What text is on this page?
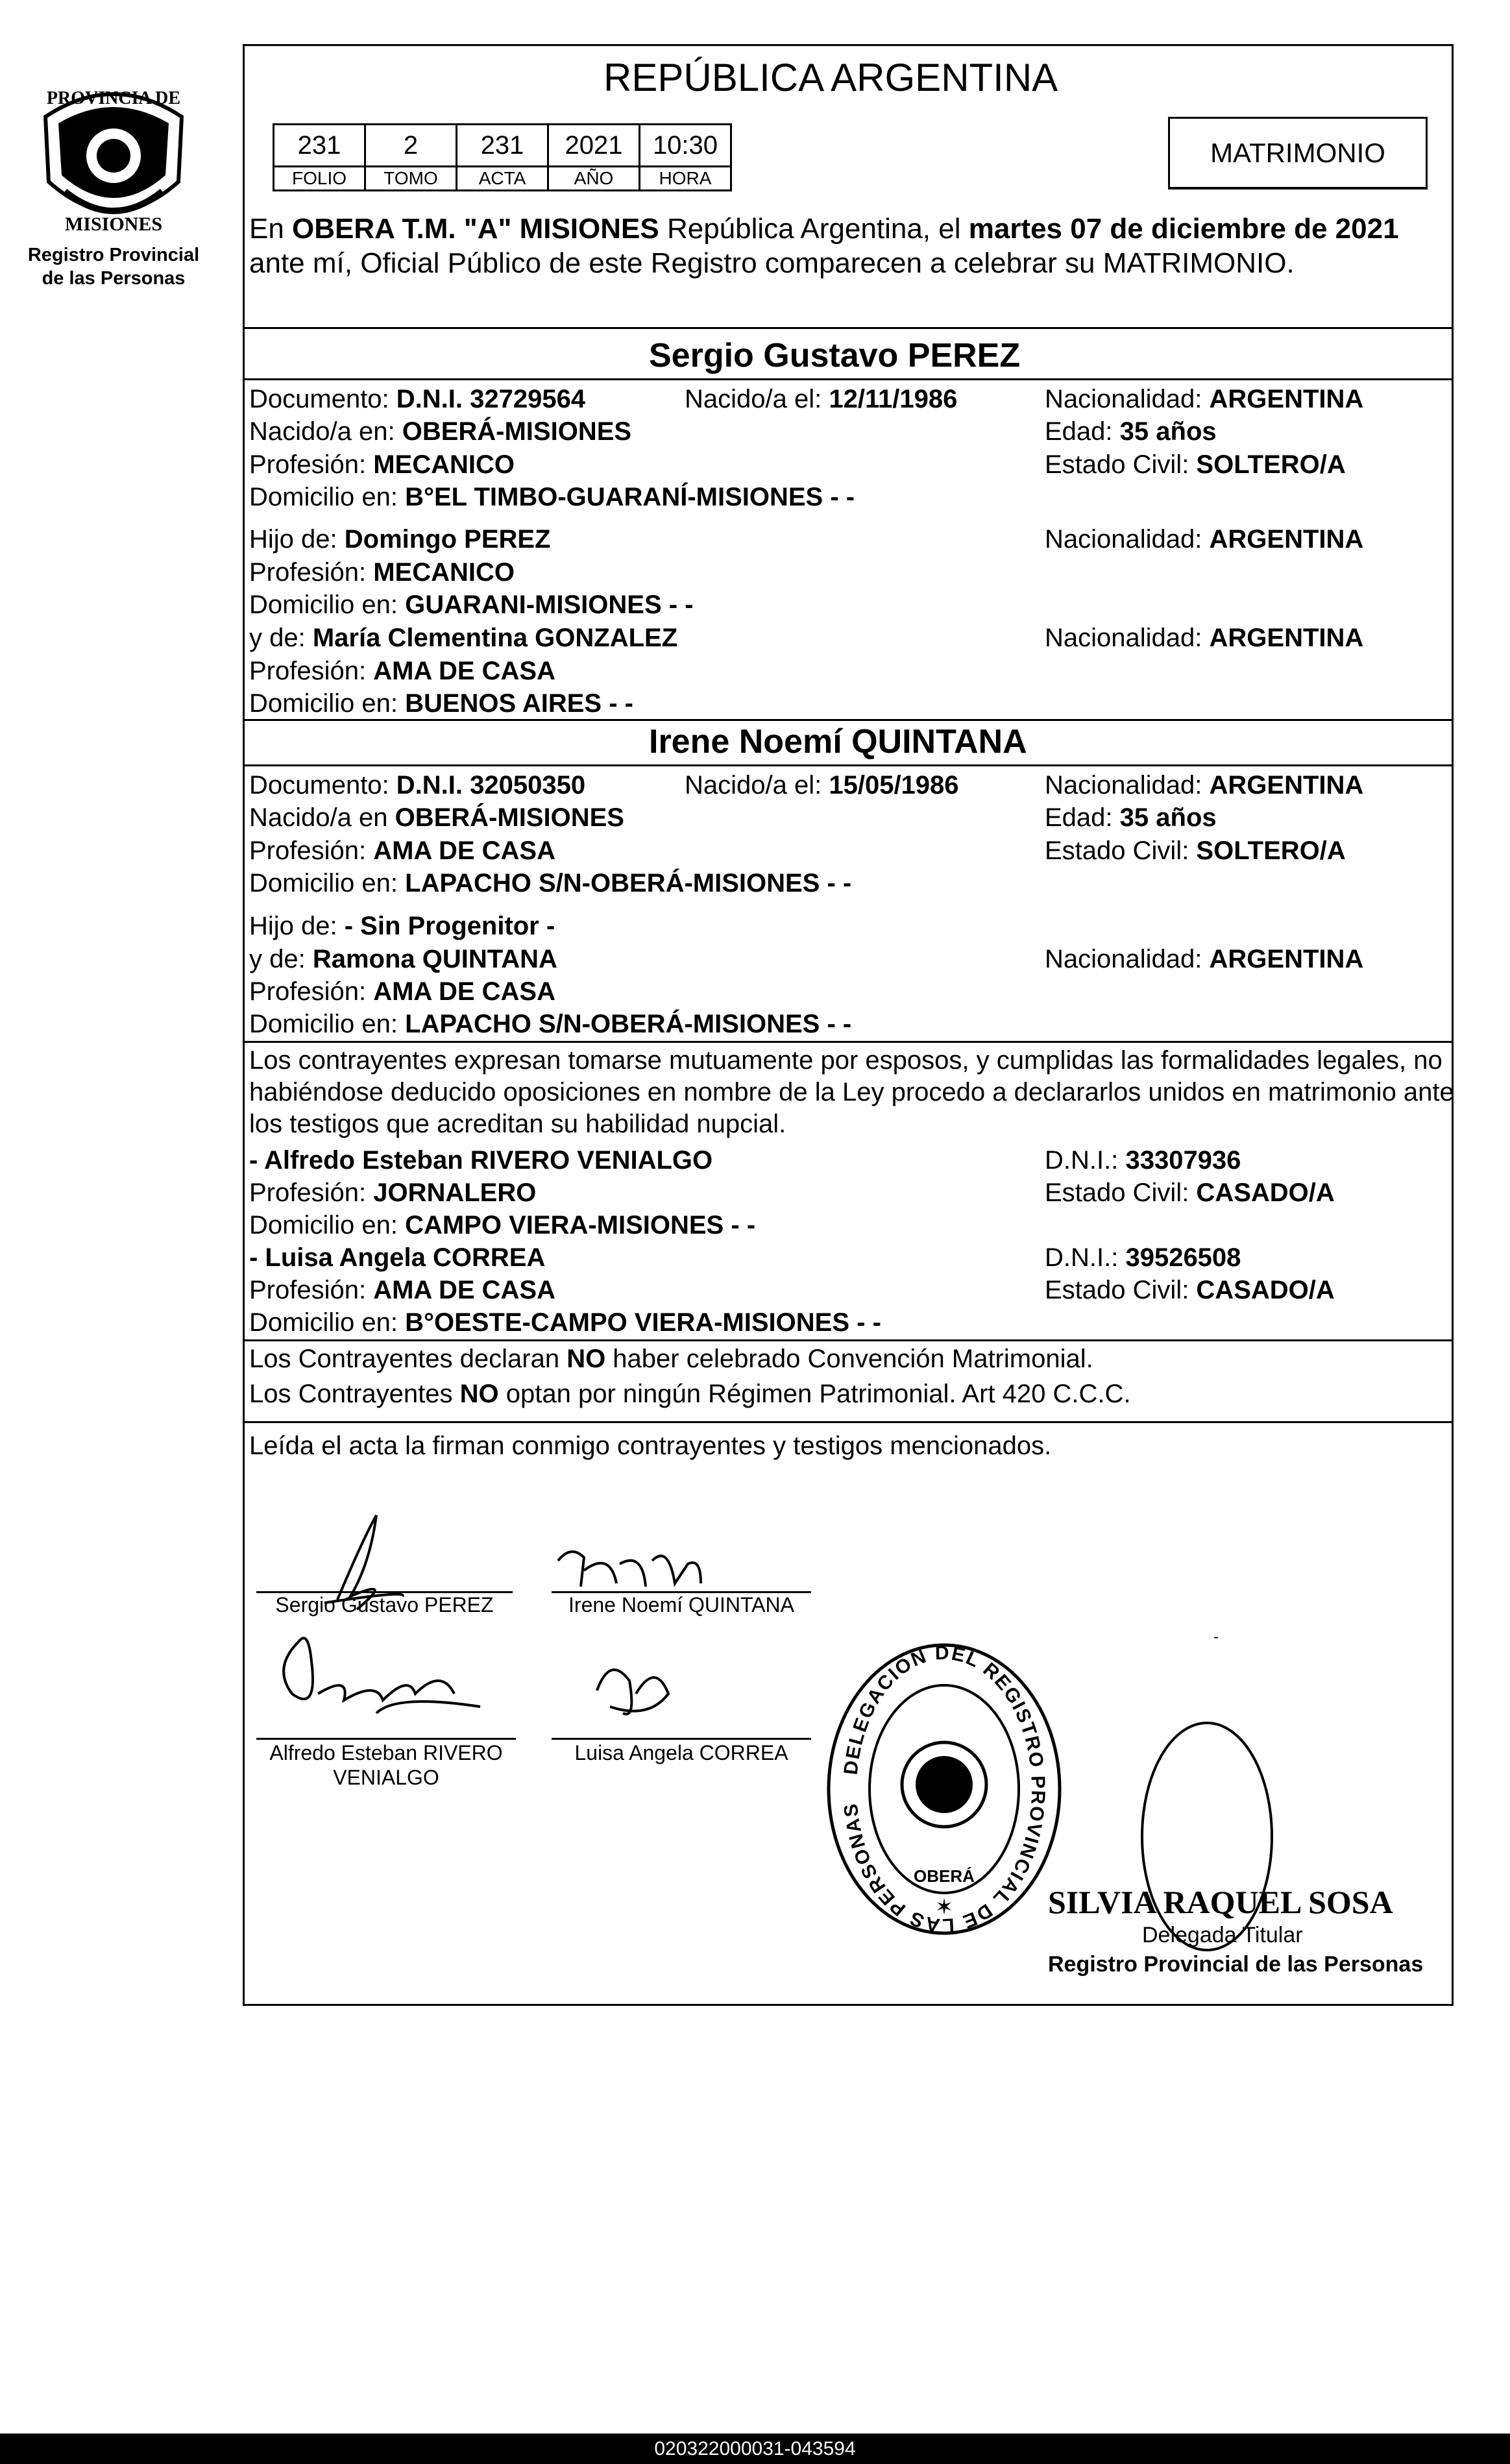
PROVINCIA DE
MISIONES
Registro Provincial
de las Personas
REPÚBLICA ARGENTINA
231	2	231	2021	10:30
FOLIO	TOMO	ACTA	AÑO	HORA
MATRIMONIO
En OBERA T.M. "A" MISIONES República Argentina, el martes 07 de diciembre de 2021
ante mí, Oficial Público de este Registro comparecen a celebrar su MATRIMONIO.
Sergio Gustavo PEREZ
Documento: D.N.I. 32729564	Nacido/a el: 12/11/1986	Nacionalidad: ARGENTINA
Nacido/a en: OBERÁ-MISIONES	Edad: 35 años
Profesión: MECANICO	Estado Civil: SOLTERO/A
Domicilio en: B°EL TIMBO-GUARANÍ-MISIONES - -
Hijo de: Domingo PEREZ	Nacionalidad: ARGENTINA
Profesión: MECANICO
Domicilio en: GUARANI-MISIONES - -
y de: María Clementina GONZALEZ	Nacionalidad: ARGENTINA
Profesión: AMA DE CASA
Domicilio en: BUENOS AIRES - -
Irene Noemí QUINTANA
Documento: D.N.I. 32050350	Nacido/a el: 15/05/1986	Nacionalidad: ARGENTINA
Nacido/a en OBERÁ-MISIONES	Edad: 35 años
Profesión: AMA DE CASA	Estado Civil: SOLTERO/A
Domicilio en: LAPACHO S/N-OBERÁ-MISIONES - -
Hijo de: - Sin Progenitor -
y de: Ramona QUINTANA	Nacionalidad: ARGENTINA
Profesión: AMA DE CASA
Domicilio en: LAPACHO S/N-OBERÁ-MISIONES - -
Los contrayentes expresan tomarse mutuamente por esposos, y cumplidas las formalidades legales, no
habiéndose deducido oposiciones en nombre de la Ley procedo a declararlos unidos en matrimonio ante
los testigos que acreditan su habilidad nupcial.
- Alfredo Esteban RIVERO VENIALGO	D.N.I.: 33307936
Profesión: JORNALERO	Estado Civil: CASADO/A
Domicilio en: CAMPO VIERA-MISIONES - -
- Luisa Angela CORREA	D.N.I.: 39526508
Profesión: AMA DE CASA	Estado Civil: CASADO/A
Domicilio en: B°OESTE-CAMPO VIERA-MISIONES - -
Los Contrayentes declaran NO haber celebrado Convención Matrimonial.
Los Contrayentes NO optan por ningún Régimen Patrimonial. Art 420 C.C.C.
Leída el acta la firman conmigo contrayentes y testigos mencionados.
-
Sergio Gustavo PEREZ	Irene Noemí QUINTANA
Alfredo Esteban RIVERO
VENIALGO
Luisa Angela CORREA
DELEGACION DEL REGISTRO PROVINCIAL DE LAS PERSONAS
OBERÁ
✶	SILVIA RAQUEL SOSA
Delegada Titular
Registro Provincial de las Personas
020322000031-043594
